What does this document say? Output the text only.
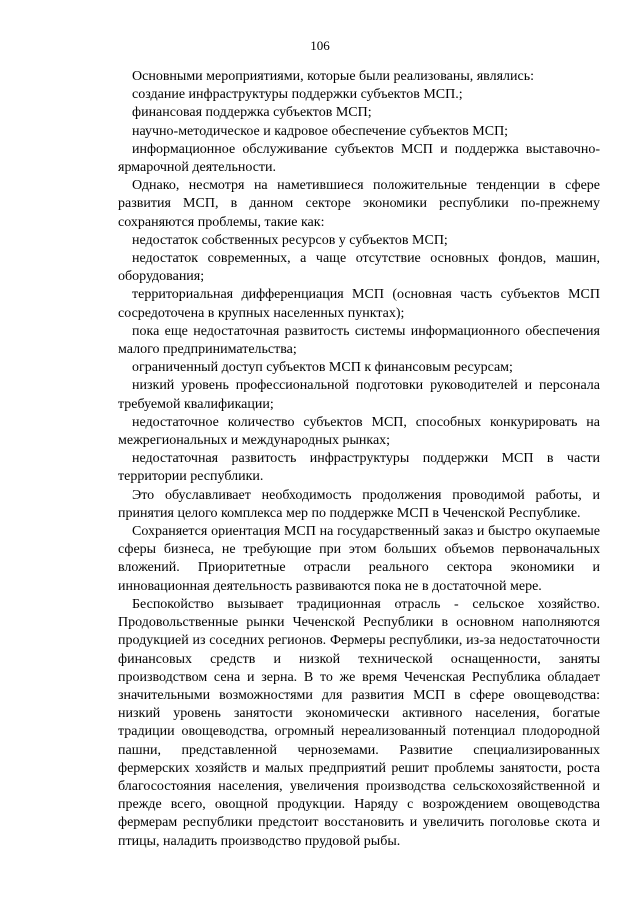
106

Основными мероприятиями, которые были реализованы, являлись:

создание инфраструктуры поддержки субъектов МСП.;

финансовая поддержка субъектов МСП;

научно-методическое и кадровое обеспечение субъектов МСП;

информационное обслуживание субъектов МСП и поддержка выставочно-ярмарочной деятельности.

Однако, несмотря на наметившиеся положительные тенденции в сфере развития МСП, в данном секторе экономики республики по-прежнему сохраняются проблемы, такие как:

недостаток собственных ресурсов у субъектов МСП;

недостаток современных, а чаще отсутствие основных фондов, машин, оборудования;

территориальная дифференциация МСП (основная часть субъектов МСП сосредоточена в крупных населенных пунктах);

пока еще недостаточная развитость системы информационного обеспечения малого предпринимательства;

ограниченный доступ субъектов МСП к финансовым ресурсам;

низкий уровень профессиональной подготовки руководителей и персонала требуемой квалификации;

недостаточное количество субъектов МСП, способных конкурировать на межрегиональных и международных рынках;

недостаточная развитость инфраструктуры поддержки МСП в части территории республики.

Это обуславливает необходимость продолжения проводимой работы, и принятия целого комплекса мер по поддержке МСП в Чеченской Республике.

Сохраняется ориентация МСП на государственный заказ и быстро окупаемые сферы бизнеса, не требующие при этом больших объемов первоначальных вложений. Приоритетные отрасли реального сектора экономики и инновационная деятельность развиваются пока не в достаточной мере.

Беспокойство вызывает традиционная отрасль - сельское хозяйство. Продовольственные рынки Чеченской Республики в основном наполняются продукцией из соседних регионов. Фермеры республики, из-за недостаточности финансовых средств и низкой технической оснащенности, заняты производством сена и зерна. В то же время Чеченская Республика обладает значительными возможностями для развития МСП в сфере овощеводства: низкий уровень занятости экономически активного населения, богатые традиции овощеводства, огромный нереализованный потенциал плодородной пашни, представленной черноземами. Развитие специализированных фермерских хозяйств и малых предприятий решит проблемы занятости, роста благосостояния населения, увеличения производства сельскохозяйственной и прежде всего, овощной продукции. Наряду с возрождением овощеводства фермерам республики предстоит восстановить и увеличить поголовье скота и птицы, наладить производство прудовой рыбы.
